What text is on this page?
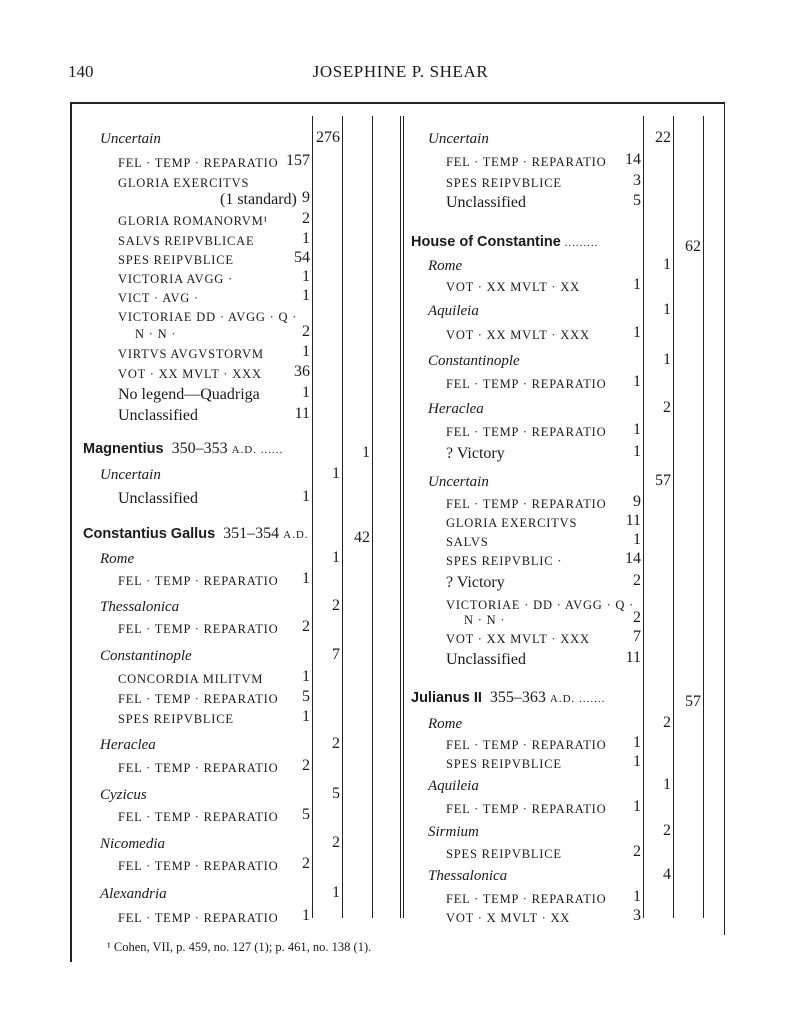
140	JOSEPHINE P. SHEAR
Uncertain	276
FEL · TEMP · REPARATIO 157
GLORIA EXERCITVS
(1 standard) 9
GLORIA ROMANORVM¹	2
SALVS REIPVBLICAE	1
SPES REIPVBLICE	54
VICTORIA AVGG ·	1
VICT · AVG ·	1
VICTORIAE DD · AVGG · Q ·
N · N ·	2
VIRTVS AVGVSTORVM	1
VOT · XX MVLT · XXX	36
No legend—Quadriga	1
Unclassified	11
Magnentius  350–353 A.D. ......	1
Uncertain	1
Unclassified	1
Constantius Gallus  351–354 A.D.	42
Rome	1
FEL · TEMP · REPARATIO	1
Thessalonica	2
FEL · TEMP · REPARATIO	2
Constantinople	7
CONCORDIA MILITVM	1
FEL · TEMP · REPARATIO	5
SPES REIPVBLICE	1
Heraclea	2
FEL · TEMP · REPARATIO	2
Cyzicus	5
FEL · TEMP · REPARATIO	5
Nicomedia	2
FEL · TEMP · REPARATIO	2
Alexandria	1
FEL · TEMP · REPARATIO	1
Uncertain	22
FEL · TEMP · REPARATIO	14
SPES REIPVBLICE	3
Unclassified	5
House of Constantine .........	62
Rome	1
VOT · XX MVLT · XX	1
Aquileia	1
VOT · XX MVLT · XXX	1
Constantinople	1
FEL · TEMP · REPARATIO	1
Heraclea	2
FEL · TEMP · REPARATIO	1
? Victory	1
Uncertain	57
FEL · TEMP · REPARATIO	9
GLORIA EXERCITVS	11
SALVS	1
SPES REIPVBLIC ·	14
? Victory	2
VICTORIAE · DD · AVGG · Q ·
N · N ·	2
VOT · XX MVLT · XXX	7
Unclassified	11
Julianus II  355–363 A.D. .......	57
Rome	2
FEL · TEMP · REPARATIO	1
SPES REIPVBLICE	1
Aquileia	1
FEL · TEMP · REPARATIO	1
Sirmium	2
SPES REIPVBLICE	2
Thessalonica	4
FEL · TEMP · REPARATIO	1
VOT · X MVLT · XX	3
¹ Cohen, VII, p. 459, no. 127 (1); p. 461, no. 138 (1).
